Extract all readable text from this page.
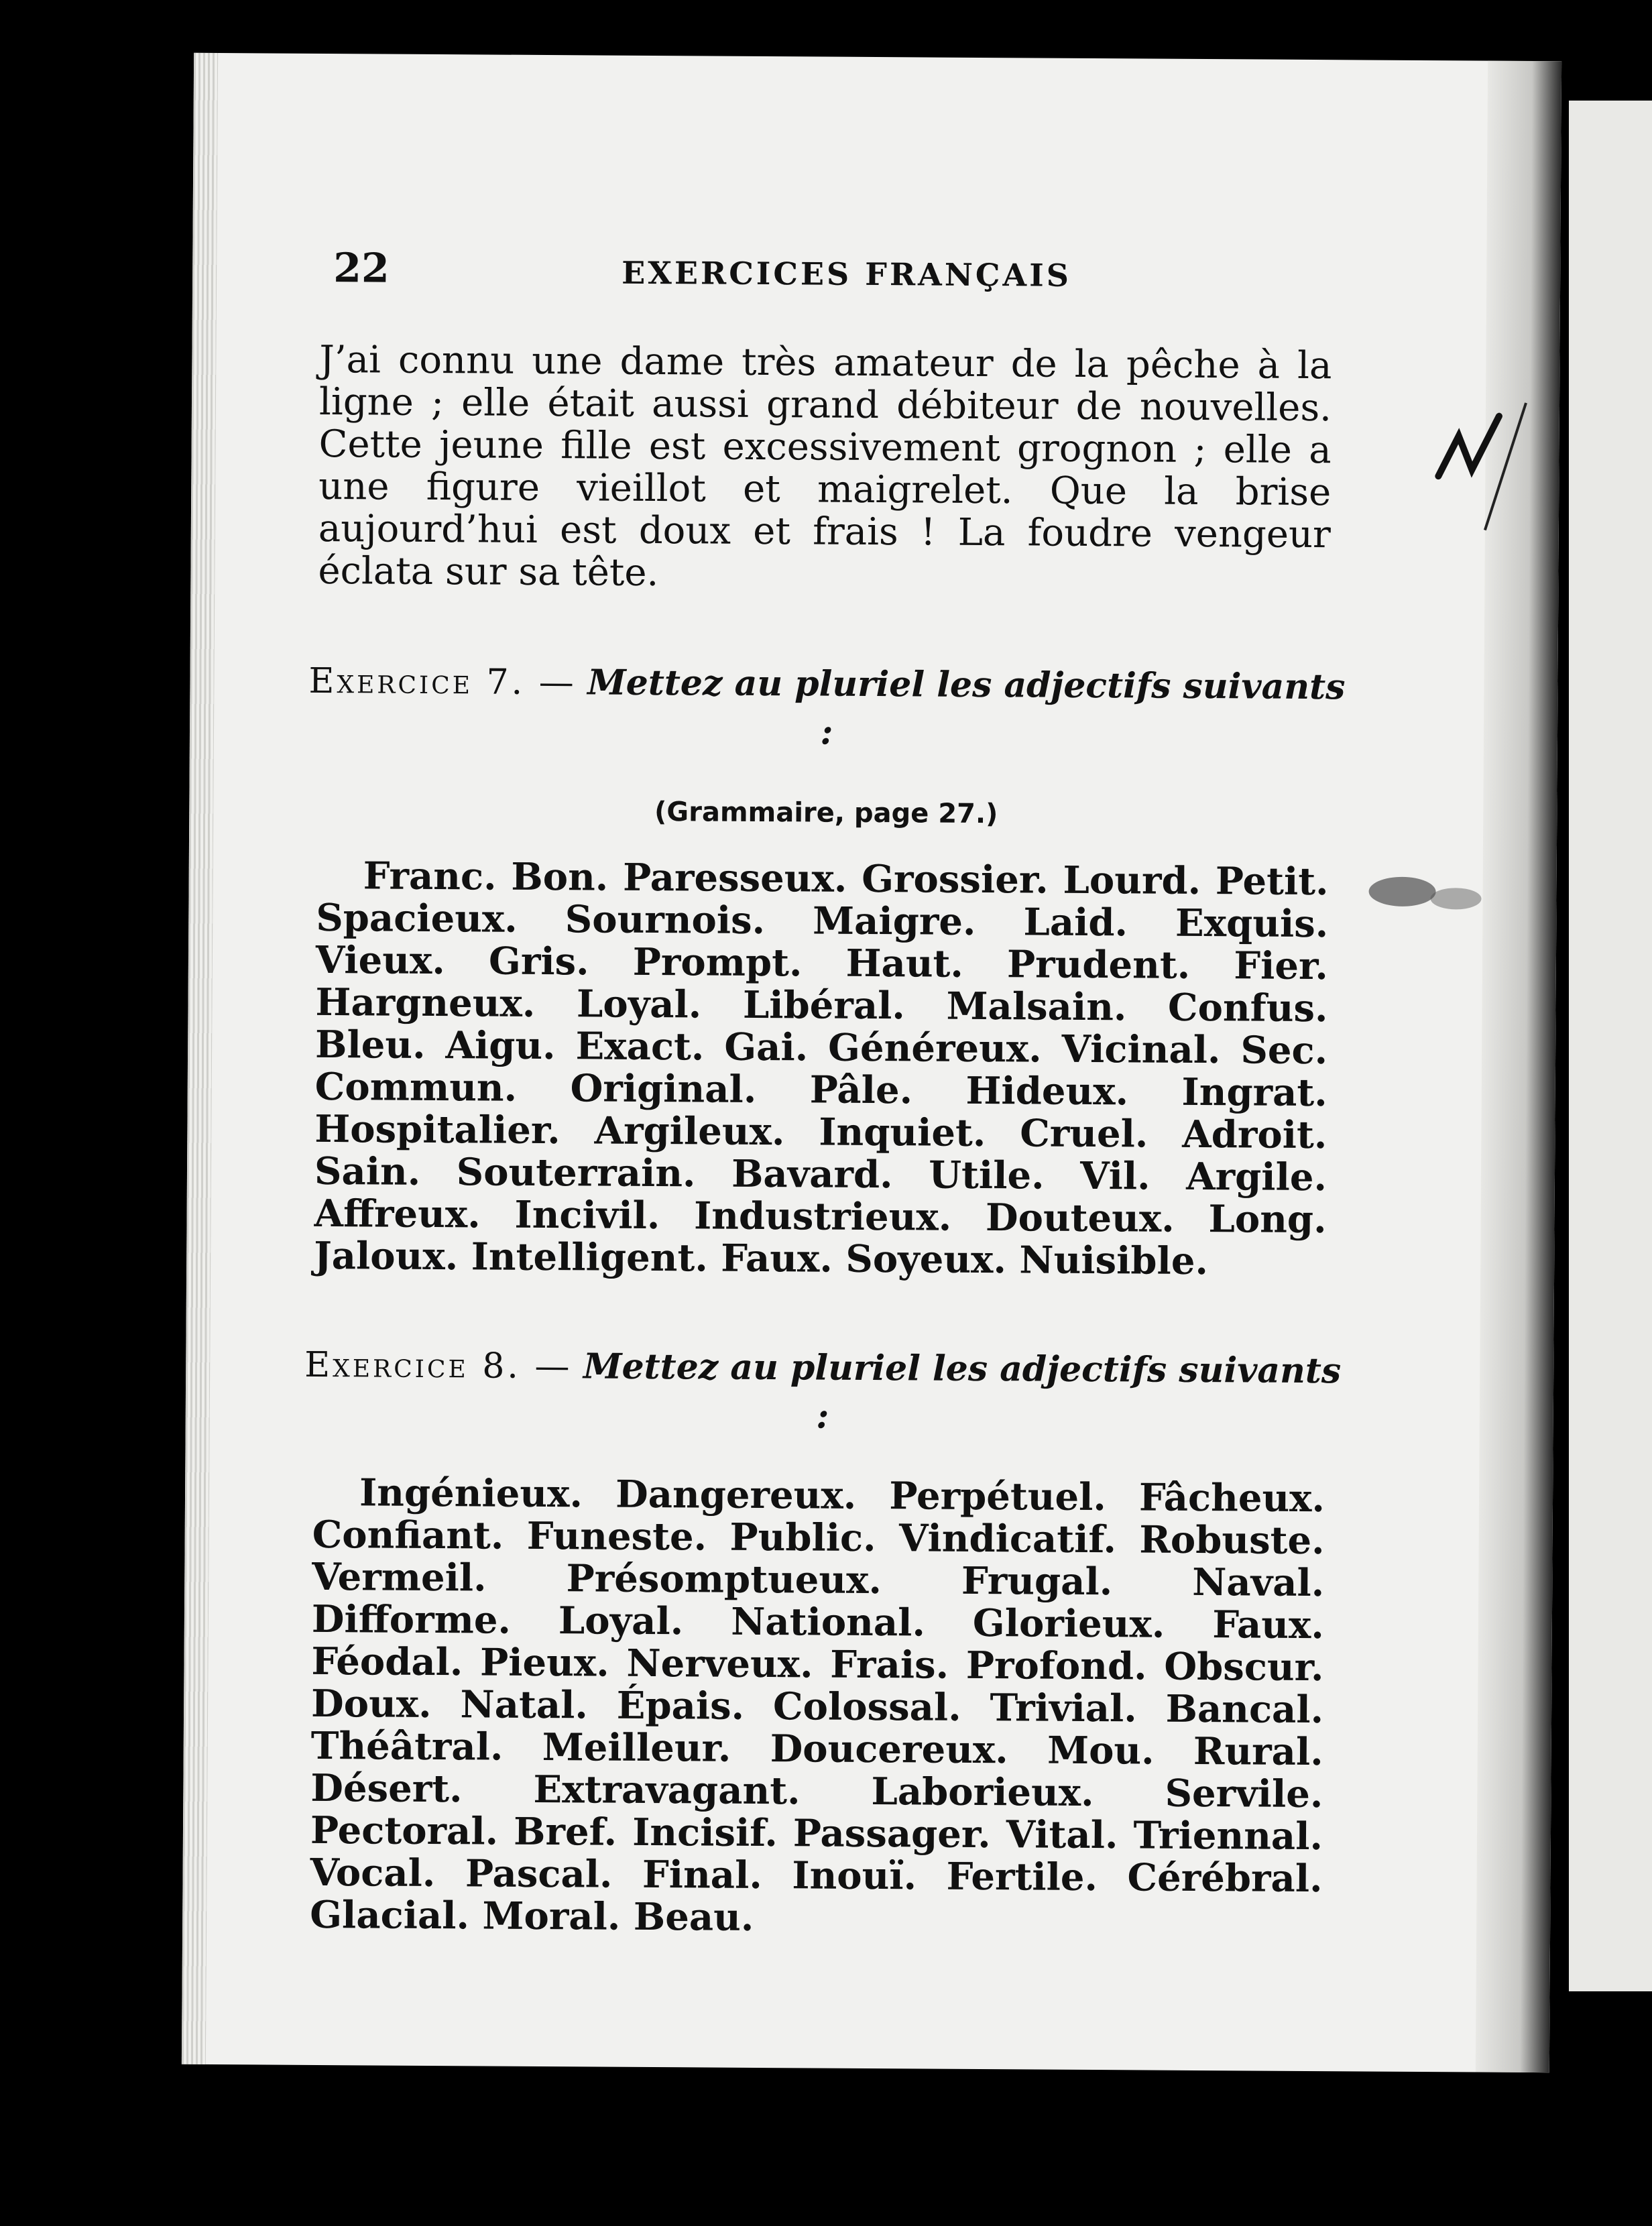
22	EXERCICES FRANÇAIS

J’ai connu une dame très amateur de la pêche à la ligne ; elle était aussi grand débiteur de nouvelles. Cette jeune fille est excessivement grognon ; elle a une figure vieillot et maigrelet. Que la brise aujourd’hui est doux et frais ! La foudre vengeur éclata sur sa tête.

Exercice 7. — Mettez au pluriel les adjectifs suivants :
(Grammaire, page 27.)

Franc. Bon. Paresseux. Grossier. Lourd. Petit. Spacieux. Sournois. Maigre. Laid. Exquis. Vieux. Gris. Prompt. Haut. Prudent. Fier. Hargneux. Loyal. Libéral. Malsain. Confus. Bleu. Aigu. Exact. Gai. Généreux. Vicinal. Sec. Commun. Original. Pâle. Hideux. Ingrat. Hospitalier. Argileux. Inquiet. Cruel. Adroit. Sain. Souterrain. Bavard. Utile. Vil. Argile. Affreux. Incivil. Industrieux. Douteux. Long. Jaloux. Intelligent. Faux. Soyeux. Nuisible.

Exercice 8. — Mettez au pluriel les adjectifs suivants :

Ingénieux. Dangereux. Perpétuel. Fâcheux. Confiant. Funeste. Public. Vindicatif. Robuste. Vermeil. Présomptueux. Frugal. Naval. Difforme. Loyal. National. Glorieux. Faux. Féodal. Pieux. Nerveux. Frais. Profond. Obscur. Doux. Natal. Épais. Colossal. Trivial. Bancal. Théâtral. Meilleur. Doucereux. Mou. Rural. Désert. Extravagant. Laborieux. Servile. Pectoral. Bref. Incisif. Passager. Vital. Triennal. Vocal. Pascal. Final. Inouï. Fertile. Cérébral. Glacial. Moral. Beau.
